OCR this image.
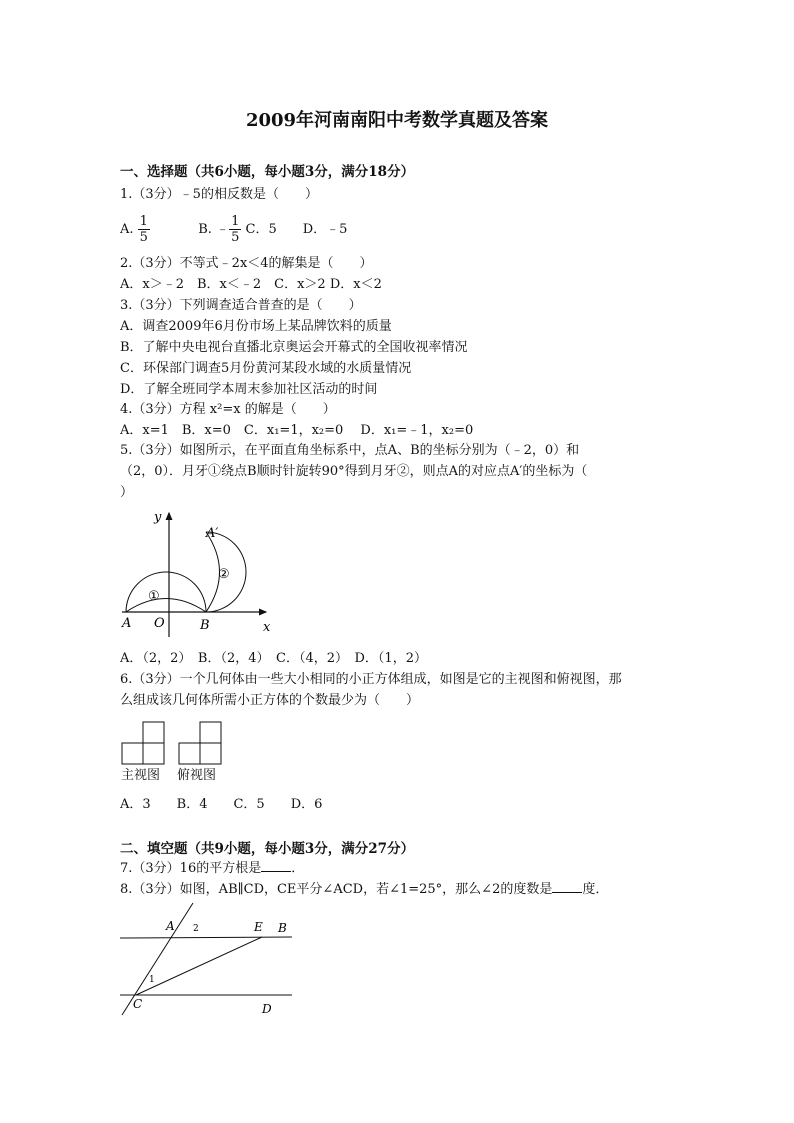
2009年河南南阳中考数学真题及答案
一、选择题（共6小题，每小题3分，满分18分）
1.（3分）﹣5的相反数是（　　）
A. $\frac{1}{5}$	B. ﹣ $\frac{1}{5}$ C．5　　D．﹣5
2.（3分）不等式﹣2x＜4的解集是（　　）
A．x＞﹣2　B．x＜﹣2　C．x＞2 D．x＜2
3.（3分）下列调查适合普查的是（　　）
A．调查2009年6月份市场上某品牌饮料的质量
B．了解中央电视台直播北京奥运会开幕式的全国收视率情况
C．环保部门调查5月份黄河某段水域的水质量情况
D．了解全班同学本周末参加社区活动的时间
4.（3分）方程 x²=x 的解是（　　）
A．x=1　B．x=0　C．x₁=1，x₂=0　 D．x₁=﹣1，x₂=0
5.（3分）如图所示，在平面直角坐标系中，点A、B的坐标分别为（﹣2，0）和
（2，0）．月牙①绕点B顺时针旋转90°得到月牙②，则点A的对应点A′的坐标为（
）
A O	B	x
y
A′
①
②
A．（2，2）　B．（2，4）　C．（4，2）　D．（1，2）
6.（3分）一个几何体由一些大小相同的小正方体组成，如图是它的主视图和俯视图，那
么组成该几何体所需小正方体的个数最少为（　　）
主视图 俯视图
A．3　　B．4　　C．5　　D．6
二、填空题（共9小题，每小题3分，满分27分）
7.（3分）16的平方根是 ．
8.（3分）如图，AB∥CD，CE平分∠ACD，若∠1=25°，那么∠2的度数是 度．
A 2	E B
1
C	D
